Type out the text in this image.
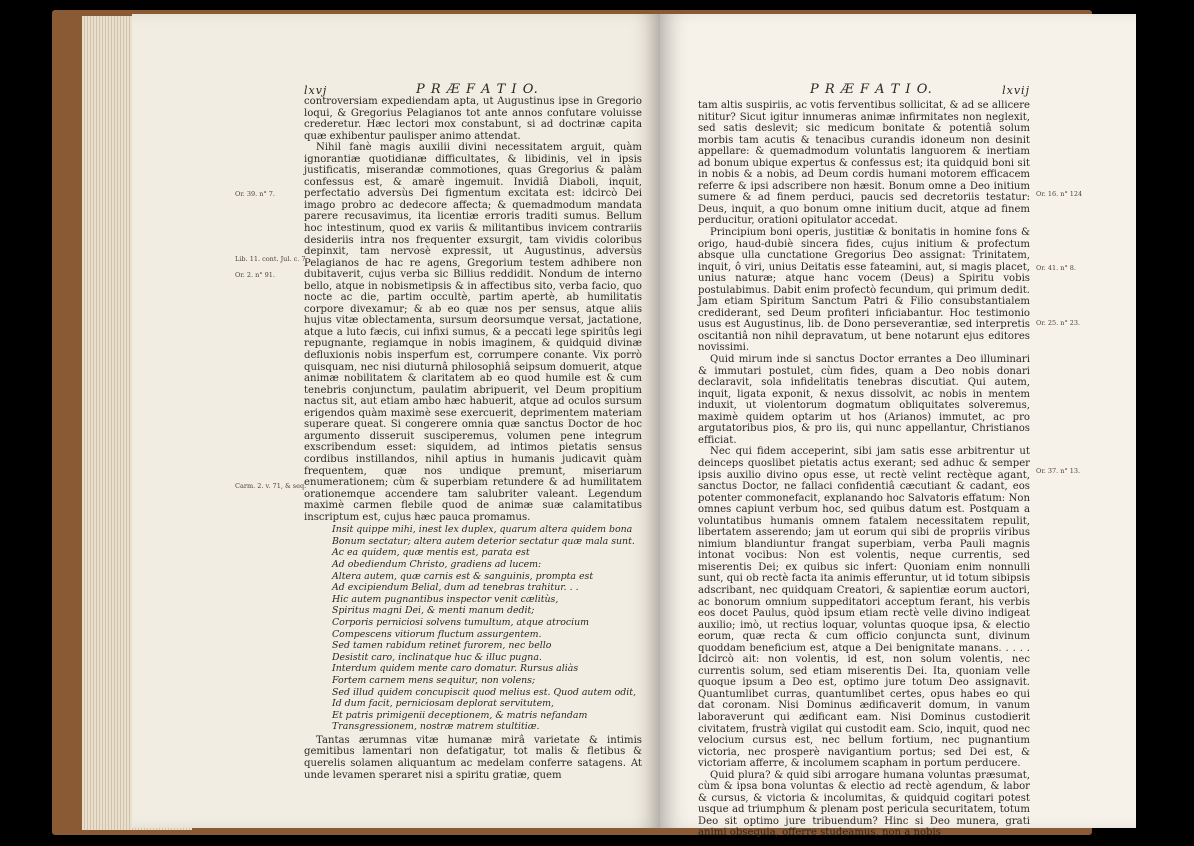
lxvj	P R Æ F A T I O.
Or. 39. n° 7.
Lib. 11. cont. Jul. c. 7.
Or. 2. n° 91.
Carm. 2. v. 71, & seq.

controversiam expediendam apta, ut Augustinus ipse in Gregorio loqui, & Gregorius Pelagianos tot ante annos confutare voluisse crederetur. Hæc lectori mox constabunt, si ad doctrinæ capita quæ exhibentur paulisper animo attendat.

Nihil fanè magis auxilii divini necessitatem arguit, quàm ignorantiæ quotidianæ difficultates, & libidinis, vel in ipsis justificatis, miserandæ commotiones, quas Gregorius & palàm confessus est, & amarè ingemuit. Invidiâ Diaboli, inquit, perfectatio adversùs Dei figmentum excitata est: idcircò Dei imago probro ac dedecore affecta; & quemadmodum mandata parere recusavimus, ita licentiæ erroris traditi sumus. Bellum hoc intestinum, quod ex variis & militantibus invicem contrariis desideriis intra nos frequenter exsurgit, tam vividis coloribus depinxit, tam nervosè expressit, ut Augustinus, adversùs Pelagianos de hac re agens, Gregorium testem adhibere non dubitaverit, cujus verba sic Billius reddidit. Nondum de interno bello, atque in nobismetipsis & in affectibus sito, verba facio, quo nocte ac die, partim occultè, partim apertè, ab humilitatis corpore divexamur; & ab eo quæ nos per sensus, atque aliis hujus vitæ oblectamenta, sursum deorsumque versat, jactatione, atque a luto fæcis, cui infixi sumus, & a peccati lege spiritûs legi repugnante, regiamque in nobis imaginem, & quidquid divinæ defluxionis nobis insperfum est, corrumpere conante. Vix porrò quisquam, nec nisi diuturnâ philosophiâ seipsum domuerit, atque animæ nobilitatem & claritatem ab eo quod humile est & cum tenebris conjunctum, paulatim abripuerit, vel Deum propitium nactus sit, aut etiam ambo hæc habuerit, atque ad oculos sursum erigendos quàm maximè sese exercuerit, deprimentem materiam superare queat. Si congerere omnia quæ sanctus Doctor de hoc argumento disseruit susciperemus, volumen pene integrum exscribendum esset: siquidem, ad intimos pietatis sensus cordibus instillandos, nihil aptius in humanis judicavit quàm frequentem, quæ nos undique premunt, miseriarum enumerationem; cùm & superbiam retundere & ad humilitatem orationemque accendere tam salubriter valeant. Legendum maximè carmen flebile quod de animæ suæ calamitatibus inscriptum est, cujus hæc pauca promamus.

Insit quippe mihi, inest lex duplex, quarum altera quidem bona
Bonum sectatur; altera autem deterior sectatur quæ mala sunt.
Ac ea quidem, quæ mentis est, parata est
Ad obediendum Christo, gradiens ad lucem:
Altera autem, quæ carnis est & sanguinis, prompta est
Ad excipiendum Belial, dum ad tenebras trahitur. . .
Hic autem pugnantibus inspector venit cælitùs,
Spiritus magni Dei, & menti manum dedit;
Corporis perniciosi solvens tumultum, atque atrocium
Compescens vitiorum fluctum assurgentem.
Sed tamen rabidum retinet furorem, nec bello
Desistit caro, inclinatque huc & illuc pugna.
Interdum quidem mente caro domatur. Rursus aliàs
Fortem carnem mens sequitur, non volens;
Sed illud quidem concupiscit quod melius est. Quod autem odit,
Id dum facit, perniciosam deplorat servitutem,
Et patris primigenii deceptionem, & matris nefandam
Transgressionem, nostræ matrem stultitiæ.

Tantas ærumnas vitæ humanæ mirâ varietate & intimis gemitibus lamentari non defatigatur, tot malis & fletibus & querelis solamen aliquantum ac medelam conferre satagens. At unde levamen speraret nisi a spiritu gratiæ, quem

P R Æ F A T I O.	lxvij
Or. 16. n° 124
Or. 41. n° 8.
Or. 25. n° 23.
Or. 37. n° 13.

tam altis suspiriis, ac votis ferventibus sollicitat, & ad se allicere nititur? Sicut igitur innumeras animæ infirmitates non neglexit, sed satis deslevit; sic medicum bonitate & potentiâ solum morbis tam acutis & tenacibus curandis idoneum non desinit appellare: & quemadmodum voluntatis languorem & inertiam ad bonum ubique expertus & confessus est; ita quidquid boni sit in nobis & a nobis, ad Deum cordis humani motorem efficacem referre & ipsi adscribere non hæsit. Bonum omne a Deo initium sumere & ad finem perduci, paucis sed decretoriis testatur: Deus, inquit, a quo bonum omne initium ducit, atque ad finem perducitur, orationi opitulator accedat.

Principium boni operis, justitiæ & bonitatis in homine fons & origo, haud-dubiè sincera fides, cujus initium & profectum absque ulla cunctatione Gregorius Deo assignat: Trinitatem, inquit, ô viri, unius Deitatis esse fateamini, aut, si magis placet, unius naturæ; atque hanc vocem (Deus) a Spiritu vobis postulabimus. Dabit enim profectò fecundum, qui primum dedit. Jam etiam Spiritum Sanctum Patri & Filio consubstantialem crediderant, sed Deum profiteri inficiabantur. Hoc testimonio usus est Augustinus, lib. de Dono perseverantiæ, sed interpretis oscitantiâ non nihil depravatum, ut bene notarunt ejus editores novissimi.

Quid mirum inde si sanctus Doctor errantes a Deo illuminari & immutari postulet, cùm fides, quam a Deo nobis donari declaravit, sola infidelitatis tenebras discutiat. Qui autem, inquit, ligata exponit, & nexus dissolvit, ac nobis in mentem induxit, ut violentorum dogmatum obliquitates solveremus, maximè quidem optarim ut hos (Arianos) immutet, ac pro argutatoribus pios, & pro iis, qui nunc appellantur, Christianos efficiat.

Nec qui fidem acceperint, sibi jam satis esse arbitrentur ut deinceps quoslibet pietatis actus exerant; sed adhuc & semper ipsis auxilio divino opus esse, ut rectè velint rectèque agant, sanctus Doctor, ne fallaci confidentiâ cæcutiant & cadant, eos potenter commonefacit, explanando hoc Salvatoris effatum: Non omnes capiunt verbum hoc, sed quibus datum est. Postquam a voluntatibus humanis omnem fatalem necessitatem repulit, libertatem asserendo; jam ut eorum qui sibi de propriis viribus nimium blandiuntur frangat superbiam, verba Pauli magnis intonat vocibus: Non est volentis, neque currentis, sed miserentis Dei; ex quibus sic infert: Quoniam enim nonnulli sunt, qui ob rectè facta ita animis efferuntur, ut id totum sibipsis adscribant, nec quidquam Creatori, & sapientiæ eorum auctori, ac bonorum omnium suppeditatori acceptum ferant, his verbis eos docet Paulus, quòd ipsum etiam rectè velle divino indigeat auxilio; imò, ut rectius loquar, voluntas quoque ipsa, & electio eorum, quæ recta & cum officio conjuncta sunt, divinum quoddam beneficium est, atque a Dei benignitate manans. . . . . Idcircò ait: non volentis, id est, non solum volentis, nec currentis solum, sed etiam miserentis Dei. Ita, quoniam velle quoque ipsum a Deo est, optimo jure totum Deo assignavit. Quantumlibet curras, quantumlibet certes, opus habes eo qui dat coronam. Nisi Dominus ædificaverit domum, in vanum laboraverunt qui ædificant eam. Nisi Dominus custodierit civitatem, frustrà vigilat qui custodit eam. Scio, inquit, quod nec velocium cursus est, nec bellum fortium, nec pugnantium victoria, nec prosperè navigantium portus; sed Dei est, & victoriam afferre, & incolumem scapham in portum perducere.

Quid plura? & quid sibi arrogare humana voluntas præsumat, cùm & ipsa bona voluntas & electio ad rectè agendum, & labor & cursus, & victoria & incolumitas, & quidquid cogitari potest usque ad triumphum & plenam post pericula securitatem, totum Deo sit optimo jure tribuendum? Hinc si Deo munera, grati animi obsequia, offerre studeamus, non a nobis
